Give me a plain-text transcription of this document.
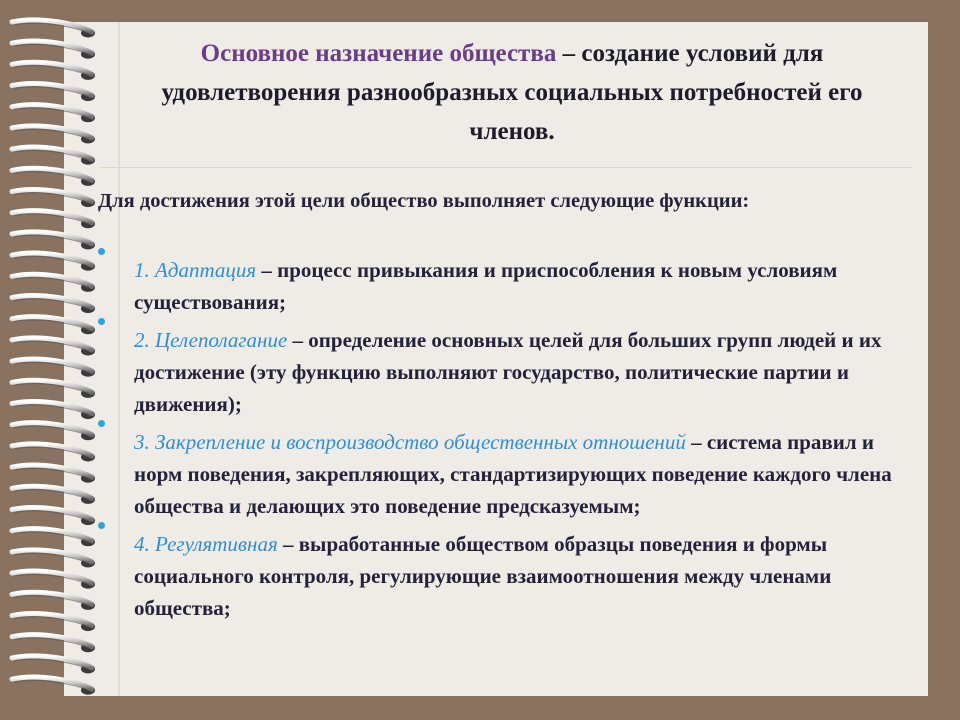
Основное назначение общества – создание условий для удовлетворения разнообразных социальных потребностей его членов.
Для достижения этой цели общество выполняет следующие функции:
1. Адаптация – процесс привыкания и приспособления к новым условиям существования;
2. Целеполагание – определение основных целей для больших групп людей и их достижение (эту функцию выполняют государство, политические партии и движения);
3. Закрепление и воспроизводство общественных отношений – система правил и норм поведения, закрепляющих, стандартизирующих поведение каждого члена общества и делающих это поведение предсказуемым;
4. Регулятивная – выработанные обществом образцы поведения и формы социального контроля, регулирующие взаимоотношения между членами общества;
